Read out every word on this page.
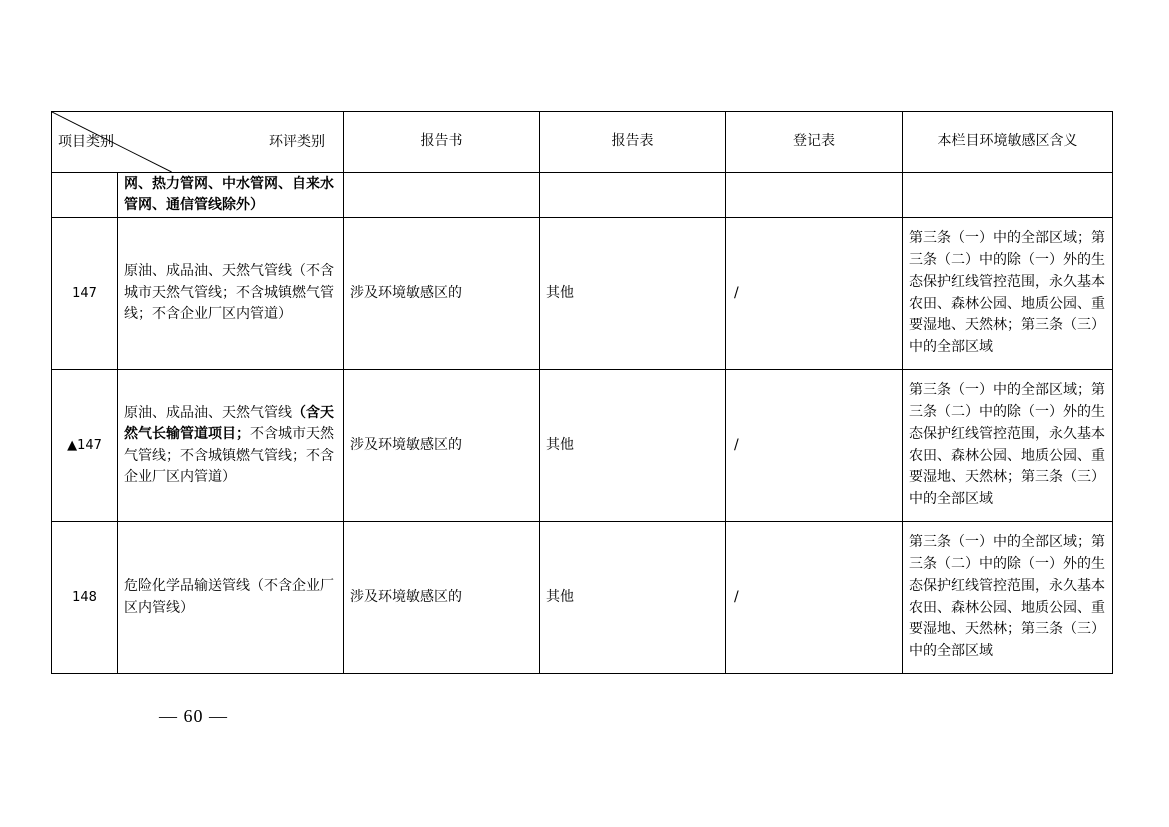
项目类别 环评类别		报告书	报告表	登记表	本栏目环境敏感区含义
	网、热力管网、中水管网、自来水管网、通信管线除外）				
147	原油、成品油、天然气管线（不含城市天然气管线；不含城镇燃气管线；不含企业厂区内管道）	涉及环境敏感区的	其他	/	第三条（一）中的全部区域；第三条（二）中的除（一）外的生态保护红线管控范围，永久基本农田、森林公园、地质公园、重要湿地、天然林；第三条（三）中的全部区域
▲147	原油、成品油、天然气管线（含天然气长输管道项目；不含城市天然气管线；不含城镇燃气管线；不含企业厂区内管道）	涉及环境敏感区的	其他	/	第三条（一）中的全部区域；第三条（二）中的除（一）外的生态保护红线管控范围，永久基本农田、森林公园、地质公园、重要湿地、天然林；第三条（三）中的全部区域
148	危险化学品输送管线（不含企业厂区内管线）	涉及环境敏感区的	其他	/	第三条（一）中的全部区域；第三条（二）中的除（一）外的生态保护红线管控范围，永久基本农田、森林公园、地质公园、重要湿地、天然林；第三条（三）中的全部区域
— 60 —
